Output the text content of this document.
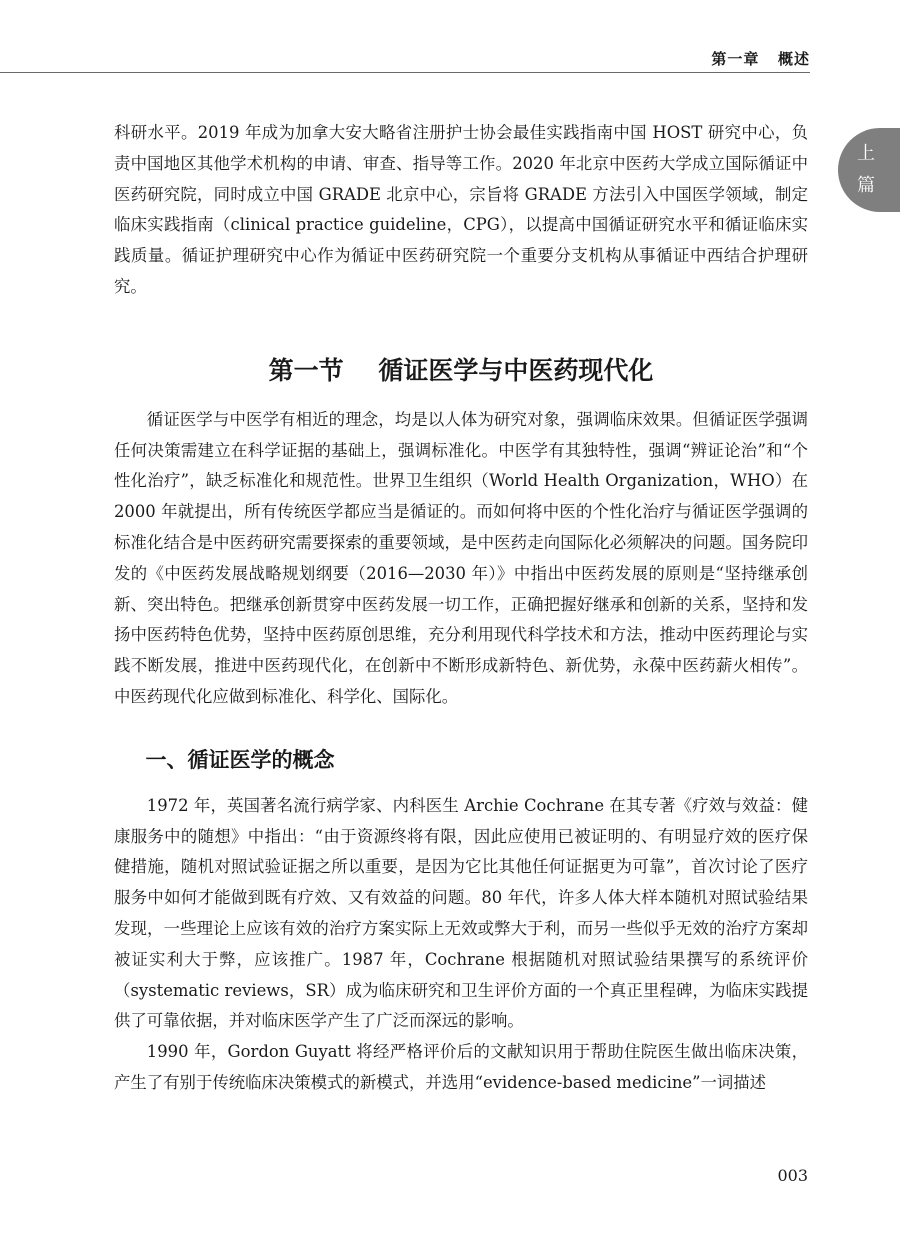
第一章   概述
上
篇

科研水平。2019 年成为加拿大安大略省注册护士协会最佳实践指南中国 HOST 研究中心，负责中国地区其他学术机构的申请、审查、指导等工作。2020 年北京中医药大学成立国际循证中医药研究院，同时成立中国 GRADE 北京中心，宗旨将 GRADE 方法引入中国医学领域，制定临床实践指南（clinical practice guideline，CPG），以提高中国循证研究水平和循证临床实践质量。循证护理研究中心作为循证中医药研究院一个重要分支机构从事循证中西结合护理研究。

第一节    循证医学与中医药现代化

循证医学与中医学有相近的理念，均是以人体为研究对象，强调临床效果。但循证医学强调任何决策需建立在科学证据的基础上，强调标准化。中医学有其独特性，强调“辨证论治”和“个性化治疗”，缺乏标准化和规范性。世界卫生组织（World Health Organization，WHO）在 2000 年就提出，所有传统医学都应当是循证的。而如何将中医的个性化治疗与循证医学强调的标准化结合是中医药研究需要探索的重要领域，是中医药走向国际化必须解决的问题。国务院印发的《中医药发展战略规划纲要（2016—2030 年）》中指出中医药发展的原则是“坚持继承创新、突出特色。把继承创新贯穿中医药发展一切工作，正确把握好继承和创新的关系，坚持和发扬中医药特色优势，坚持中医药原创思维，充分利用现代科学技术和方法，推动中医药理论与实践不断发展，推进中医药现代化，在创新中不断形成新特色、新优势，永葆中医药薪火相传”。中医药现代化应做到标准化、科学化、国际化。

一、循证医学的概念

1972 年，英国著名流行病学家、内科医生 Archie Cochrane 在其专著《疗效与效益：健康服务中的随想》中指出：“由于资源终将有限，因此应使用已被证明的、有明显疗效的医疗保健措施，随机对照试验证据之所以重要，是因为它比其他任何证据更为可靠”，首次讨论了医疗服务中如何才能做到既有疗效、又有效益的问题。80 年代，许多人体大样本随机对照试验结果发现，一些理论上应该有效的治疗方案实际上无效或弊大于利，而另一些似乎无效的治疗方案却被证实利大于弊，应该推广。1987 年，Cochrane 根据随机对照试验结果撰写的系统评价（systematic reviews，SR）成为临床研究和卫生评价方面的一个真正里程碑，为临床实践提供了可靠依据，并对临床医学产生了广泛而深远的影响。

1990 年，Gordon Guyatt 将经严格评价后的文献知识用于帮助住院医生做出临床决策，产生了有别于传统临床决策模式的新模式，并选用“evidence-based medicine”一词描述

003
